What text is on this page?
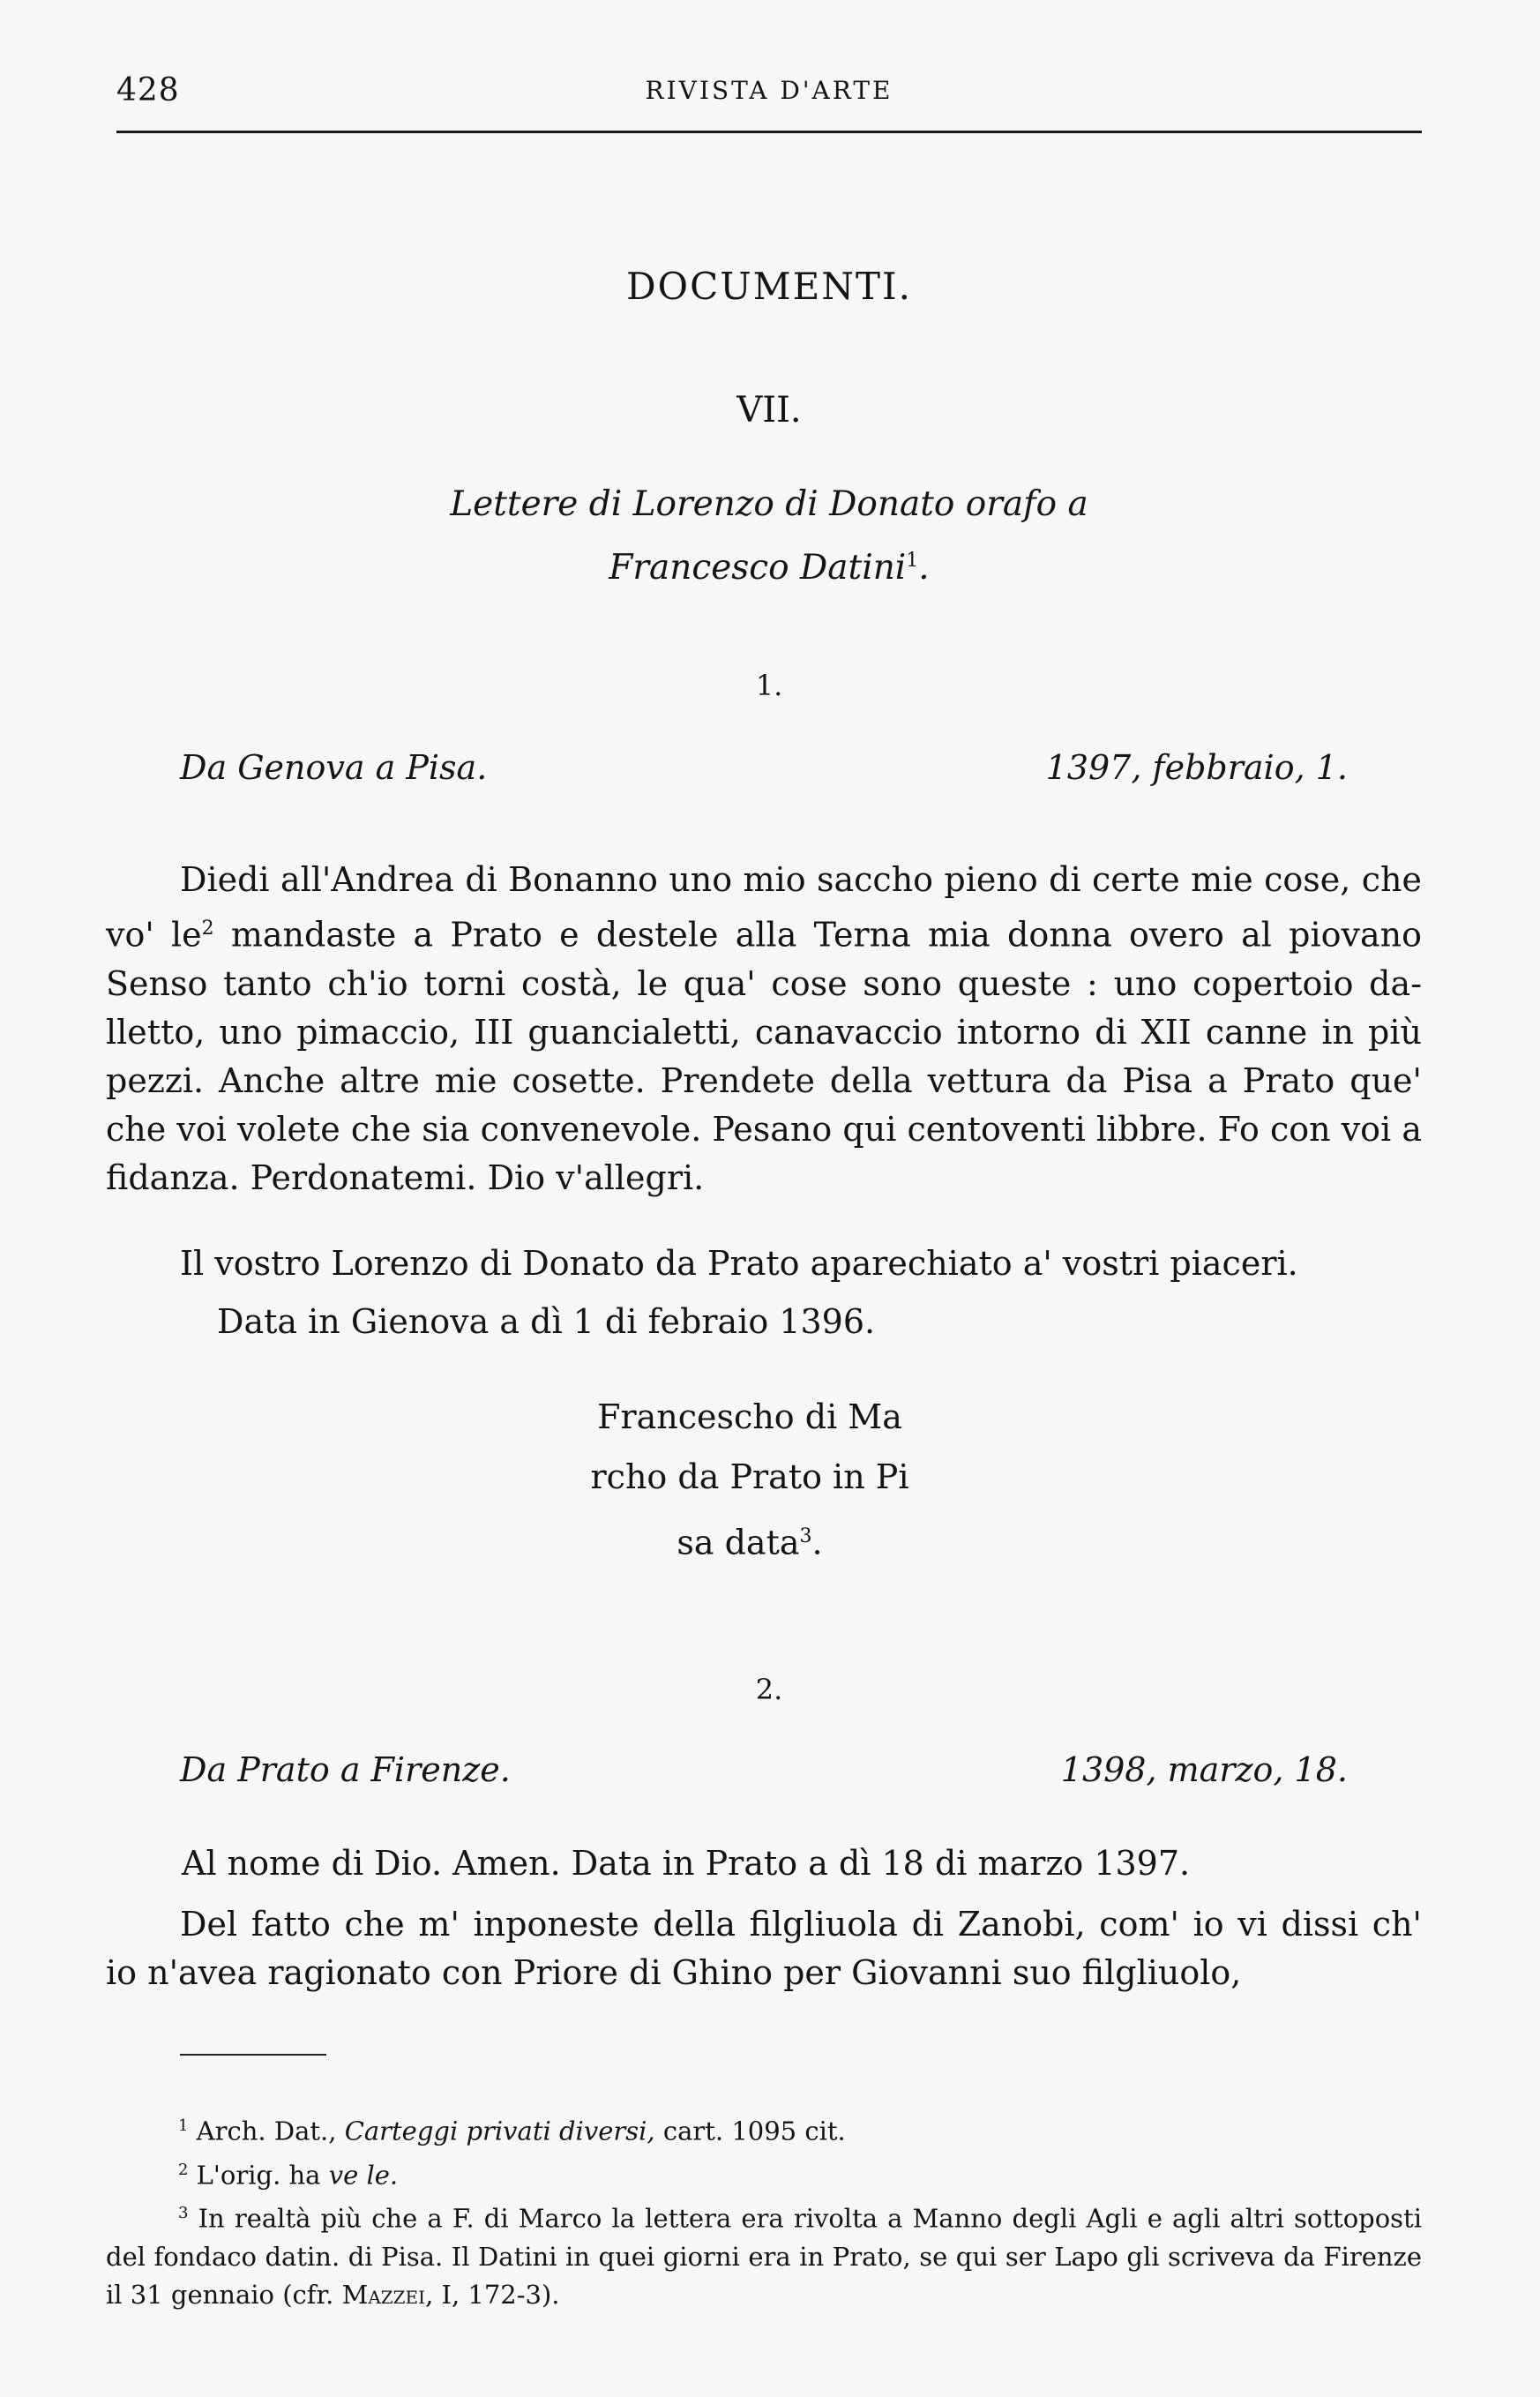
428	RIVISTA D'ARTE
DOCUMENTI.
VII.
Lettere di Lorenzo di Donato orafo a
Francesco Datini$^1$.
1.
Da Genova a Pisa.	1397, febbraio, 1.

Diedi all'Andrea di Bonanno uno mio saccho pieno di certe mie cose, che vo' $le^2$ mandaste a Prato e destele alla Terna mia donna overo al piovano Senso tanto ch'io torni costà, le qua' cose sono queste : uno copertoio da-lletto, uno pimaccio, III guancialetti, canavaccio intorno di XII canne in più pezzi. Anche altre mie cosette. Prendete della vettura da Pisa a Prato que' che voi volete che sia convenevole. Pesano qui centoventi libbre. Fo con voi a fidanza. Perdonatemi. Dio v'allegri.

Il vostro Lorenzo di Donato da Prato aparechiato a' vostri piaceri.
Data in Gienova a dì 1 di febraio 1396.
Francescho di Ma
rcho da Prato in Pi
sa data$^3$.
2.
Da Prato a Firenze.	1398, marzo, 18.
Al nome di Dio. Amen. Data in Prato a dì 18 di marzo 1397.

Del fatto che m' inponeste della filgliuola di Zanobi, com' io vi dissi ch' io n'avea ragionato con Priore di Ghino per Giovanni suo filgliuolo,

$^1$ Arch. Dat., Carteggi privati diversi, cart. 1095 cit.
$^2$ L'orig. ha ve le.
$^3$ In realtà più che a F. di Marco la lettera era rivolta a Manno degli Agli e agli altri sottoposti del fondaco datin. di Pisa. Il Datini in quei giorni era in Prato, se qui ser Lapo gli scriveva da Firenze il 31 gennaio (cfr. Mazzei, I, 172-3).
